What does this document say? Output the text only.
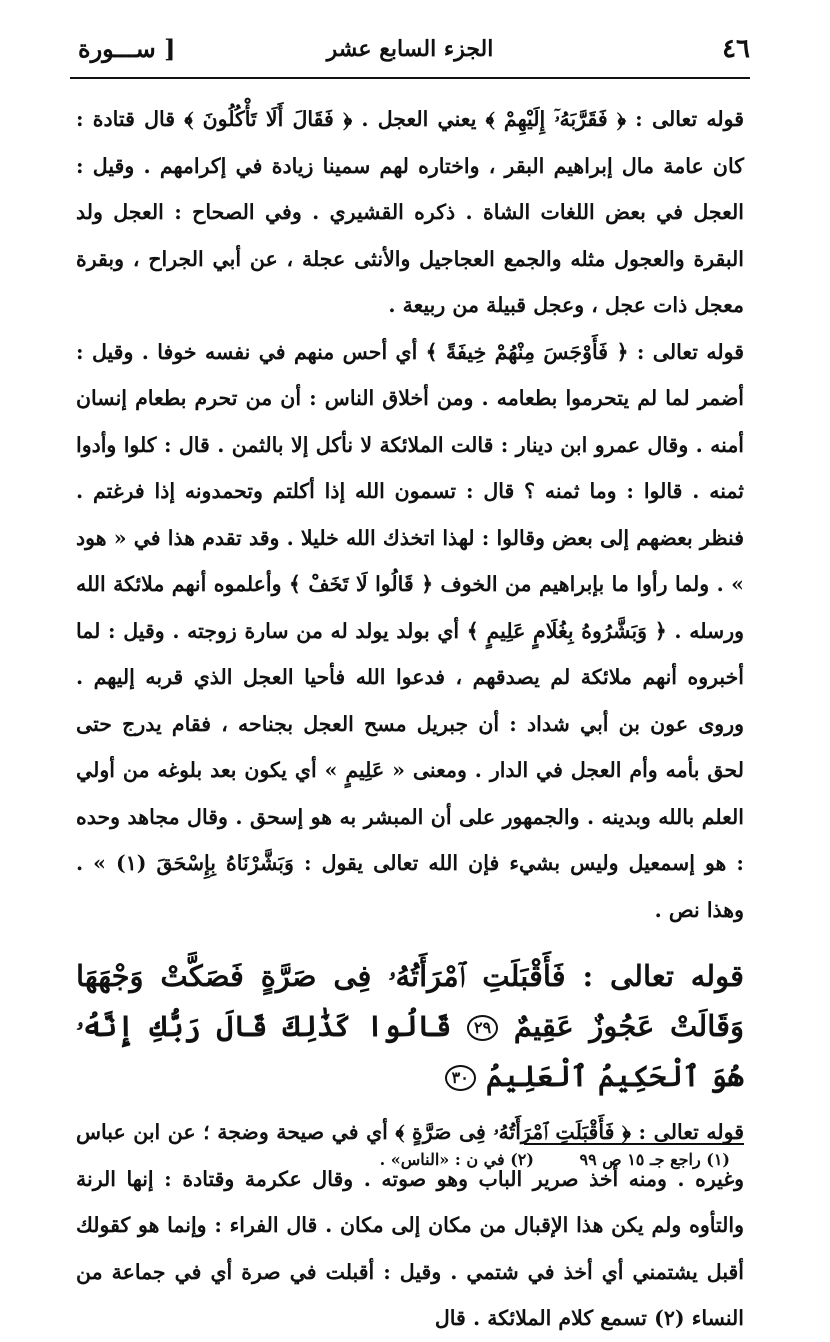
٤٦
الجزء السابع عشر
[ ســـورة

قوله تعالى : ﴿ فَقَرَّبَهُۥٓ إِلَيْهِمْ ﴾ يعني العجل . ﴿ فَقَالَ أَلَا تَأْكُلُونَ ﴾ قال قتادة : كان عامة مال إبراهيم البقر ، واختاره لهم سمينا زيادة في إكرامهم . وقيل : العجل في بعض اللغات الشاة . ذكره القشيري . وفي الصحاح : العجل ولد البقرة والعجول مثله والجمع العجاجيل والأنثى عجلة ، عن أبي الجراح ، وبقرة معجل ذات عجل ، وعجل قبيلة من ربيعة .

قوله تعالى : ﴿ فَأَوْجَسَ مِنْهُمْ خِيفَةً ﴾ أي أحس منهم في نفسه خوفا . وقيل : أضمر لما لم يتحرموا بطعامه . ومن أخلاق الناس : أن من تحرم بطعام إنسان أمنه . وقال عمرو ابن دينار : قالت الملائكة لا نأكل إلا بالثمن . قال : كلوا وأدوا ثمنه . قالوا : وما ثمنه ؟ قال : تسمون الله إذا أكلتم وتحمدونه إذا فرغتم . فنظر بعضهم إلى بعض وقالوا : لهذا اتخذك الله خليلا . وقد تقدم هذا في « هود » . ولما رأوا ما بإبراهيم من الخوف ﴿ قَالُوا لَا تَخَفْ ﴾ وأعلموه أنهم ملائكة الله ورسله . ﴿ وَبَشَّرُوهُ بِغُلَامٍ عَلِيمٍ ﴾ أي بولد يولد له من سارة زوجته . وقيل : لما أخبروه أنهم ملائكة لم يصدقهم ، فدعوا الله فأحيا العجل الذي قربه إليهم . وروى عون بن أبي شداد : أن جبريل مسح العجل بجناحه ، فقام يدرج حتى لحق بأمه وأم العجل في الدار . ومعنى « عَلِيمٍ » أي يكون بعد بلوغه من أولي العلم بالله وبدينه . والجمهور على أن المبشر به هو إسحق . وقال مجاهد وحده : هو إسمعيل وليس بشيء فإن الله تعالى يقول : وَبَشَّرْنَاهُ بِإِسْحَقَ (١) » . وهذا نص .

قوله تعالى : فَأَقْبَلَتِ ٱمْرَأَتُهُۥ فِى صَرَّةٍ فَصَكَّتْ وَجْهَهَا وَقَالَتْ عَجُوزٌ عَقِيمٌ ٢٩ قَالُوا كَذَٰلِكَ قَالَ رَبُّكِ إِنَّهُۥ هُوَ ٱلْحَكِيمُ ٱلْعَلِيمُ ٣٠

قوله تعالى : ﴿ فَأَقْبَلَتِ ٱمْرَأَتُهُۥ فِى صَرَّةٍ ﴾ أي في صيحة وضجة ؛ عن ابن عباس وغيره . ومنه أخذ صرير الباب وهو صوته . وقال عكرمة وقتادة : إنها الرنة والتأوه ولم يكن هذا الإقبال من مكان إلى مكان . قال الفراء : وإنما هو كقولك أقبل يشتمني أي أخذ في شتمي . وقيل : أقبلت في صرة أي في جماعة من النساء (٢) تسمع كلام الملائكة . قال

(١) راجع جـ ١٥ ص ٩٩ (٢) في ن : «الناس» .
